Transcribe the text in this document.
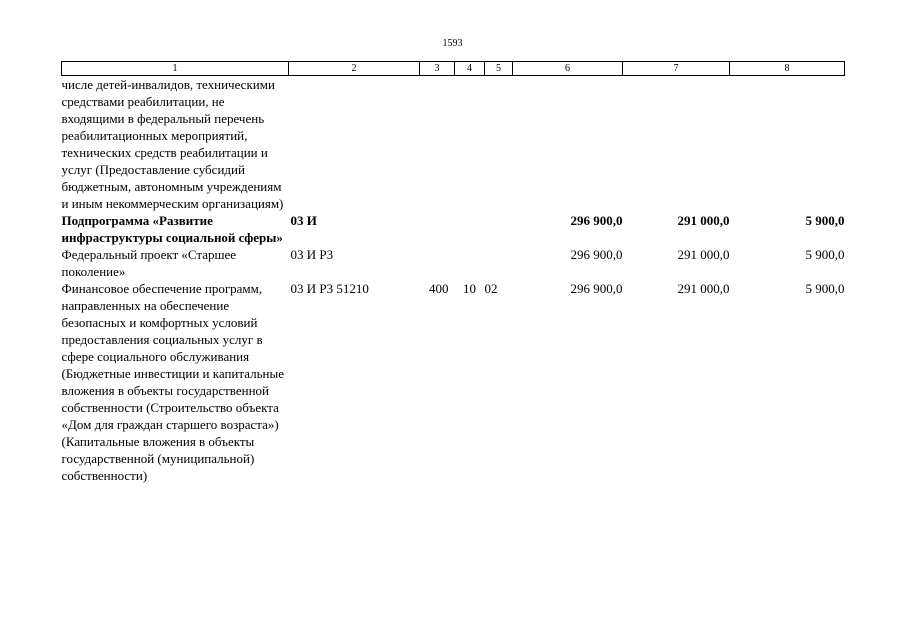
1593
1	2	3	4	5	6	7	8
числе детей-инвалидов, техническими средствами реабилитации, не входящими в федеральный перечень реабилитационных мероприятий, технических средств реабилитации и услуг (Предоставление субсидий бюджетным, автономным учреждениям и иным некоммерческим организациям)							
Подпрограмма «Развитие инфраструктуры социальной сферы»	03 И				296 900,0	291 000,0	5 900,0
Федеральный проект «Старшее поколение»	03 И P3				296 900,0	291 000,0	5 900,0
Финансовое обеспечение программ, направленных на обеспечение безопасных и комфортных условий предоставления социальных услуг в сфере социального обслуживания (Бюджетные инвестиции и капитальные вложения в объекты государственной собственности (Строительство объекта «Дом для граждан старшего возраста») (Капитальные вложения в объекты государственной (муниципальной) собственности)	03 И P3 51210	400	10	02	296 900,0	291 000,0	5 900,0
